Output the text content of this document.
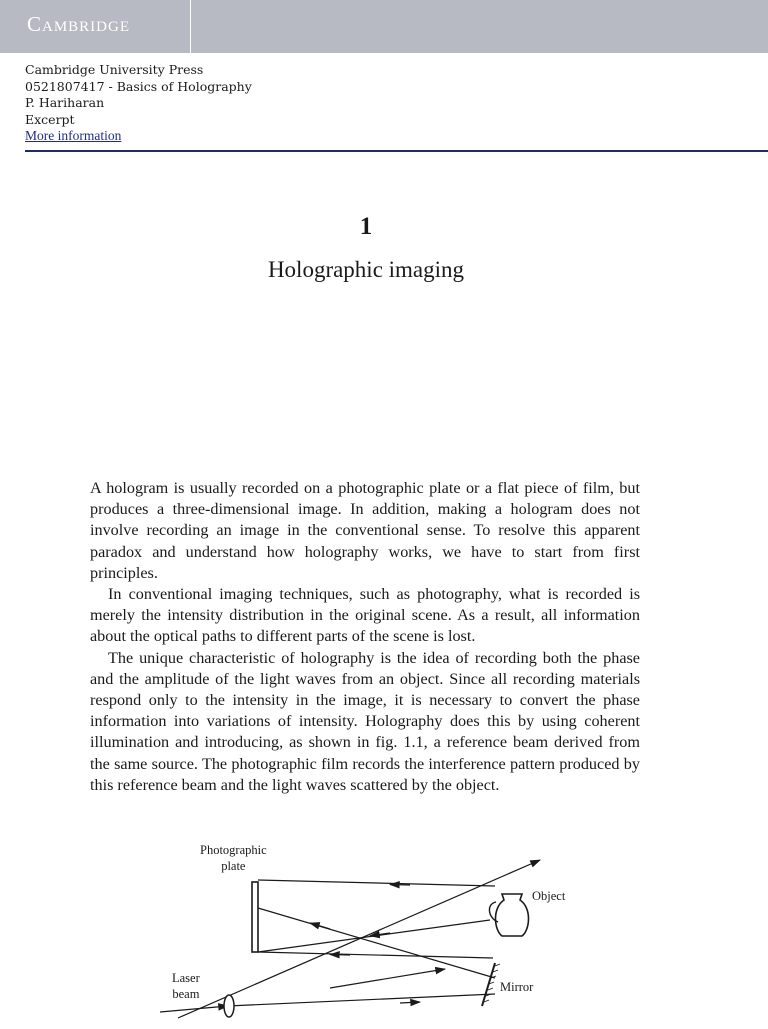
Cambridge
Cambridge University Press
0521807417 - Basics of Holography
P. Hariharan
Excerpt
More information
1
Holographic imaging

A hologram is usually recorded on a photographic plate or a flat piece of film, but produces a three-dimensional image. In addition, making a hologram does not involve recording an image in the conventional sense. To resolve this apparent paradox and understand how holography works, we have to start from first principles.

In conventional imaging techniques, such as photography, what is recorded is merely the intensity distribution in the original scene. As a result, all information about the optical paths to different parts of the scene is lost.

The unique characteristic of holography is the idea of recording both the phase and the amplitude of the light waves from an object. Since all recording materials respond only to the intensity in the image, it is necessary to convert the phase information into variations of intensity. Holography does this by using coherent illumination and introducing, as shown in fig. 1.1, a reference beam derived from the same source. The photographic film records the interference pattern produced by this reference beam and the light waves scattered by the object.

Photographic
plate
Object
Laser
beam	Mirror
